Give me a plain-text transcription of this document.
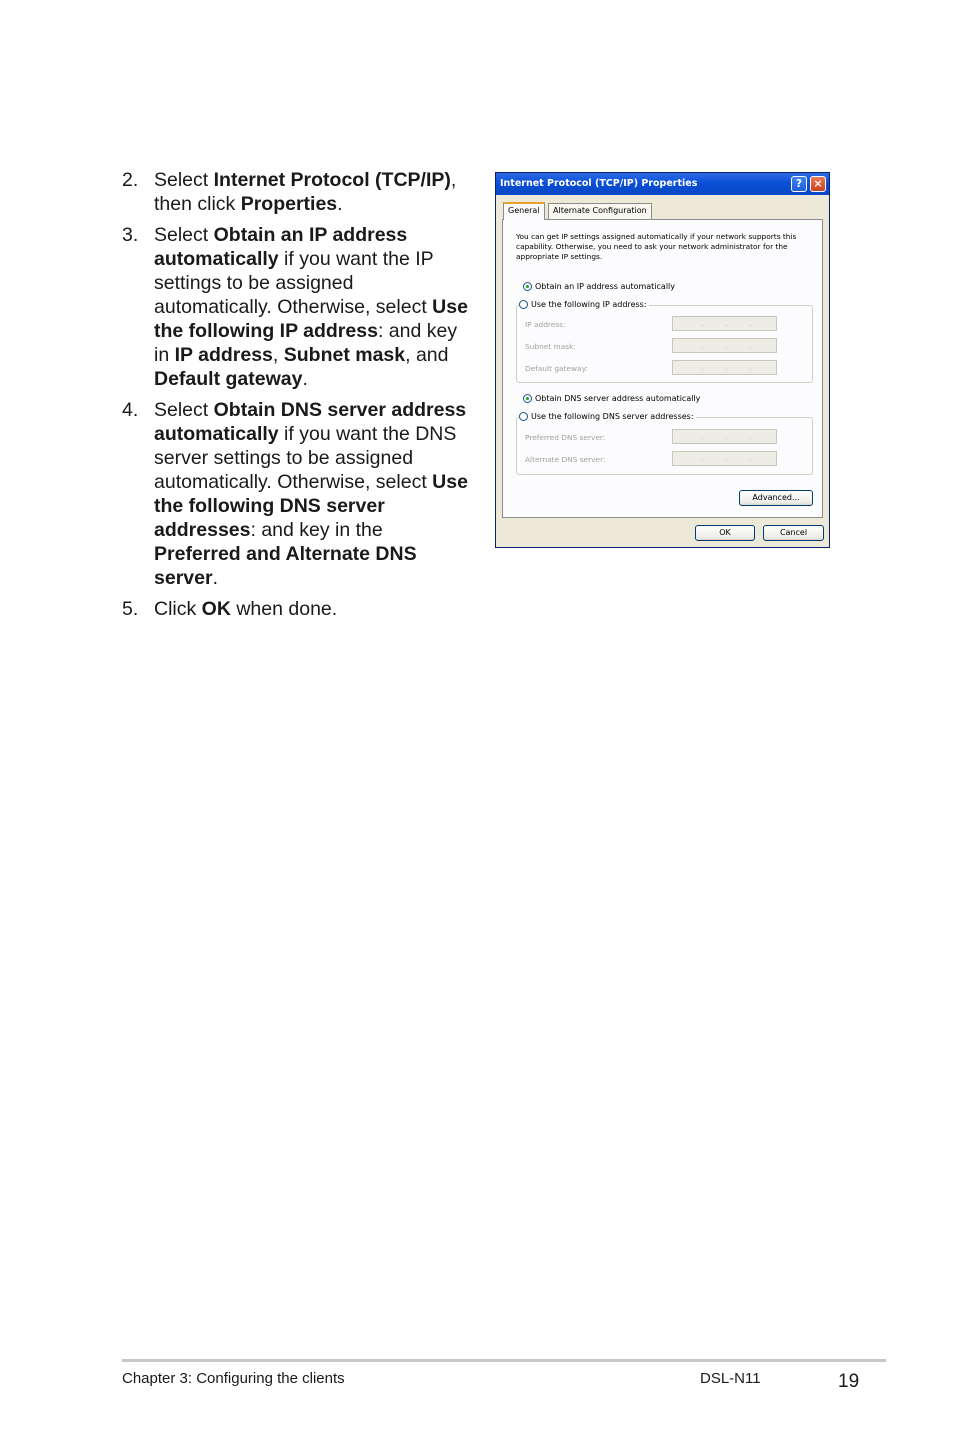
2. Select Internet Protocol (TCP/IP), then click Properties.
3. Select Obtain an IP address automatically if you want the IP settings to be assigned automatically. Otherwise, select Use the following IP address: and key in IP address, Subnet mask, and Default gateway.
4. Select Obtain DNS server address automatically if you want the DNS server settings to be assigned automatically. Otherwise, select Use the following DNS server addresses: and key in the Preferred and Alternate DNS server.
5. Click OK when done.
Internet Protocol (TCP/IP) Properties	?	×
General	Alternate Configuration
You can get IP settings assigned automatically if your network supports this capability. Otherwise, you need to ask your network administrator for the appropriate IP settings.
Obtain an IP address automatically
Use the following IP address:
IP address:	.	.	.
Subnet mask:	.	.	.
Default gateway:	.	.	.
Obtain DNS server address automatically
Use the following DNS server addresses:
Preferred DNS server:	.	.	.
Alternate DNS server:	.	.	.
Advanced...
OK	Cancel
Chapter 3: Configuring the clients	DSL-N11	19
